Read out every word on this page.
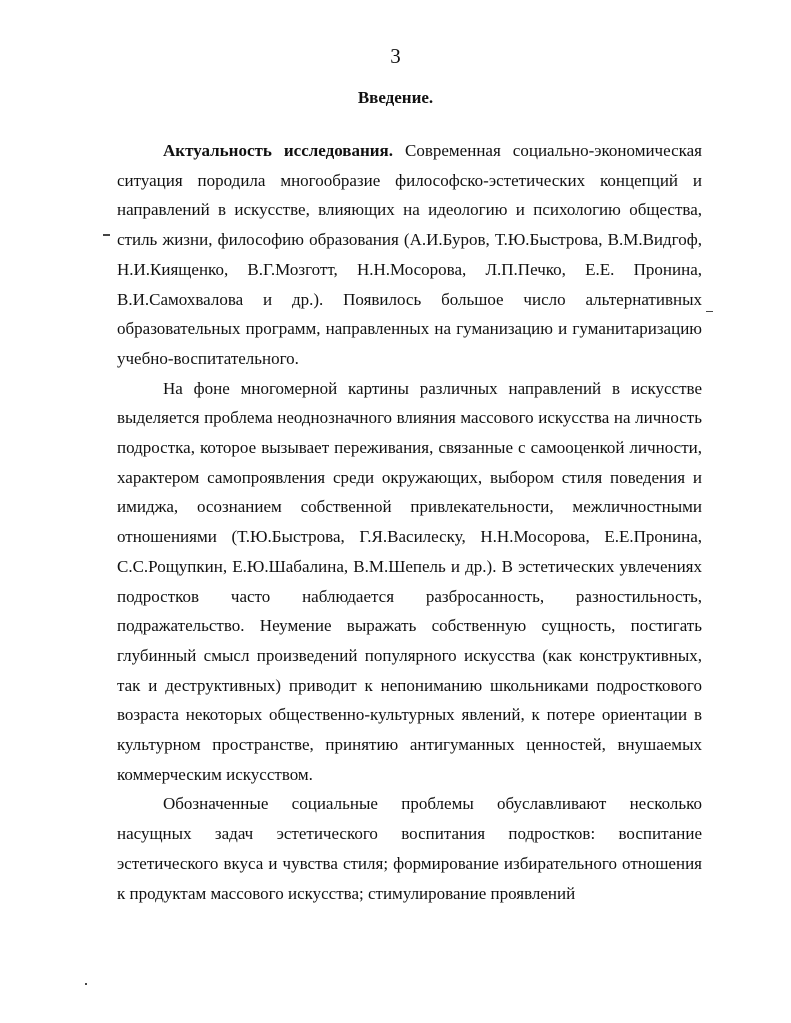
3

Введение.

Актуальность исследования. Современная социально-экономическая ситуация породила многообразие философско-эстетических концепций и направлений в искусстве, влияющих на идеологию и психологию общества, стиль жизни, философию образования (А.И.Буров, Т.Ю.Быстрова, В.М.Видгоф, Н.И.Киященко, В.Г.Мозготт, Н.Н.Мосорова, Л.П.Печко, Е.Е. Пронина, В.И.Самохвалова и др.). Появилось большое число альтернативных образовательных программ, направленных на гуманизацию и гуманитаризацию учебно-воспитательного.

На фоне многомерной картины различных направлений в искусстве выделяется проблема неоднозначного влияния массового искусства на личность подростка, которое вызывает переживания, связанные с самооценкой личности, характером самопроявления среди окружающих, выбором стиля поведения и имиджа, осознанием собственной привлекательности, межличностными отношениями (Т.Ю.Быстрова, Г.Я.Василеску, Н.Н.Мосорова, Е.Е.Пронина, С.С.Рощупкин, Е.Ю.Шабалина, В.М.Шепель и др.). В эстетических увлечениях подростков часто наблюдается разбросанность, разностильность, подражательство. Неумение выражать собственную сущность, постигать глубинный смысл произведений популярного искусства (как конструктивных, так и деструктивных) приводит к непониманию школьниками подросткового возраста некоторых общественно-культурных явлений, к потере ориентации в культурном пространстве, принятию антигуманных ценностей, внушаемых коммерческим искусством.

Обозначенные социальные проблемы обуславливают несколько насущных задач эстетического воспитания подростков: воспитание эстетического вкуса и чувства стиля; формирование избирательного отношения к продуктам массового искусства; стимулирование проявлений
